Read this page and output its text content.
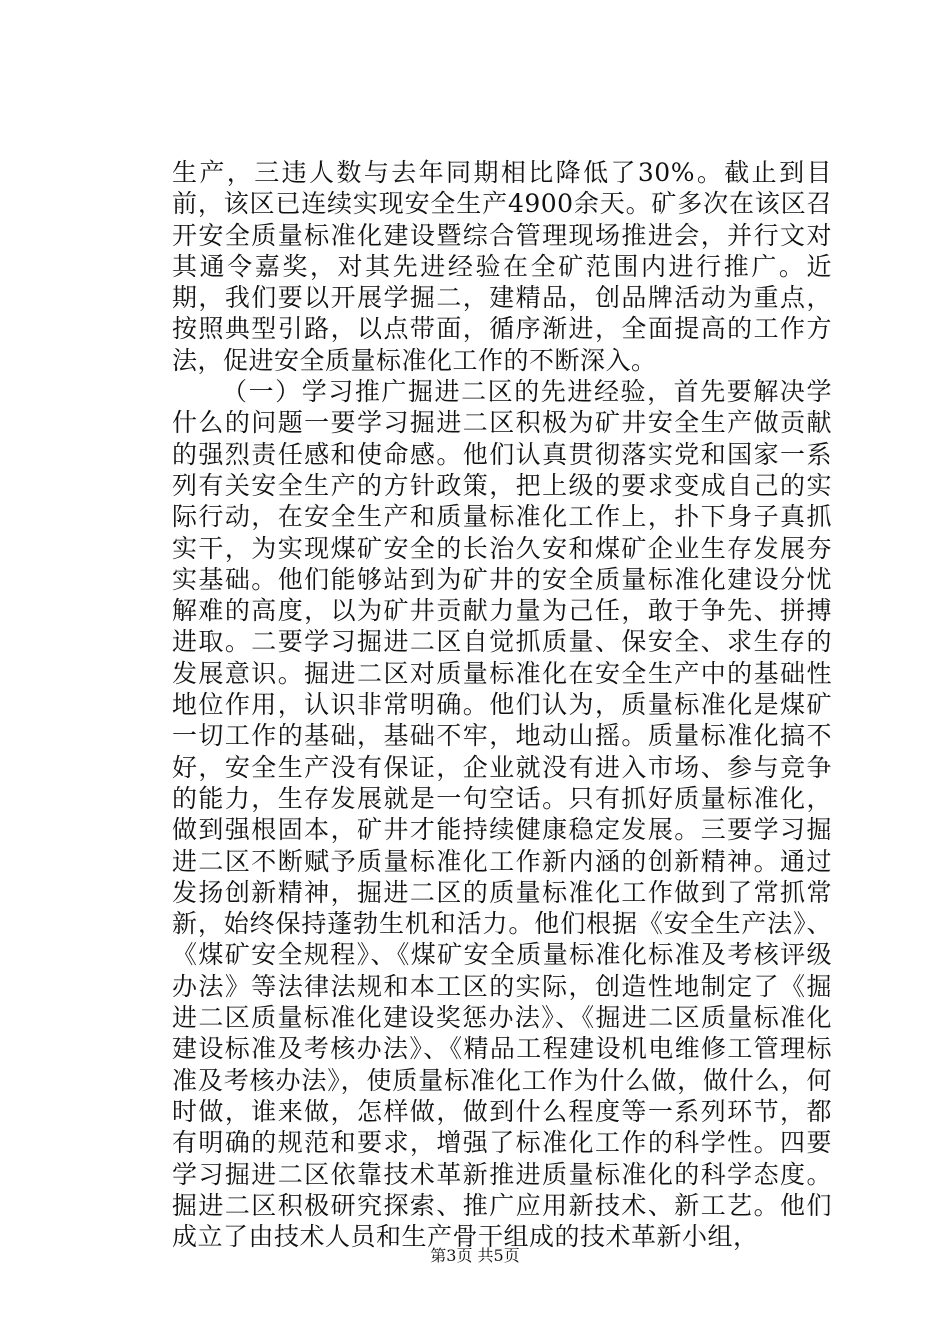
生产，三违人数与去年同期相比降低了30%。截止到目前，该区已连续实现安全生产4900余天。矿多次在该区召开安全质量标准化建设暨综合管理现场推进会，并行文对其通令嘉奖，对其先进经验在全矿范围内进行推广。近期，我们要以开展学掘二，建精品，创品牌活动为重点，按照典型引路，以点带面，循序渐进，全面提高的工作方法，促进安全质量标准化工作的不断深入。

（一）学习推广掘进二区的先进经验，首先要解决学什么的问题一要学习掘进二区积极为矿井安全生产做贡献的强烈责任感和使命感。他们认真贯彻落实党和国家一系列有关安全生产的方针政策，把上级的要求变成自己的实际行动，在安全生产和质量标准化工作上，扑下身子真抓实干，为实现煤矿安全的长治久安和煤矿企业生存发展夯实基础。他们能够站到为矿井的安全质量标准化建设分忧解难的高度，以为矿井贡献力量为己任，敢于争先、拼搏进取。二要学习掘进二区自觉抓质量、保安全、求生存的发展意识。掘进二区对质量标准化在安全生产中的基础性地位作用，认识非常明确。他们认为，质量标准化是煤矿一切工作的基础，基础不牢，地动山摇。质量标准化搞不好，安全生产没有保证，企业就没有进入市场、参与竞争的能力，生存发展就是一句空话。只有抓好质量标准化，做到强根固本，矿井才能持续健康稳定发展。三要学习掘进二区不断赋予质量标准化工作新内涵的创新精神。通过发扬创新精神，掘进二区的质量标准化工作做到了常抓常新，始终保持蓬勃生机和活力。他们根据《安全生产法》、《煤矿安全规程》、《煤矿安全质量标准化标准及考核评级办法》等法律法规和本工区的实际，创造性地制定了《掘进二区质量标准化建设奖惩办法》、《掘进二区质量标准化建设标准及考核办法》、《精品工程建设机电维修工管理标准及考核办法》，使质量标准化工作为什么做，做什么，何时做，谁来做，怎样做，做到什么程度等一系列环节，都有明确的规范和要求，增强了标准化工作的科学性。四要学习掘进二区依靠技术革新推进质量标准化的科学态度。掘进二区积极研究探索、推广应用新技术、新工艺。他们成立了由技术人员和生产骨干组成的技术革新小组，

第3页 共5页
